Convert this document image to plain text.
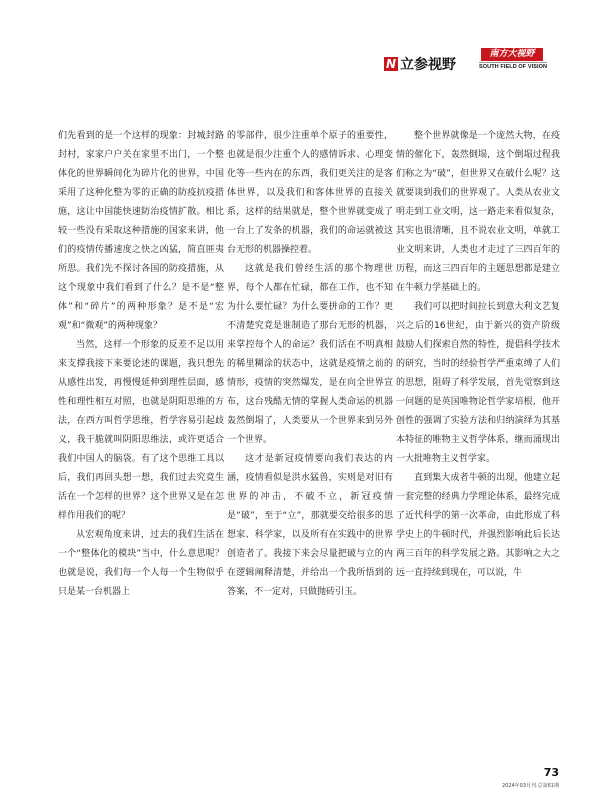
N 立参视野
南方大视野
SOUTH FIELD OF VISION

们先看到的是一个这样的现象：封城封路封村，家家户户关在家里不出门，一个整体化的世界瞬间化为碎片化的世界，中国采用了这种化整为零的正确的防疫抗疫措施，这让中国能快速防治疫情扩散。相比较一些没有采取这种措施的国家来讲，他们的疫情传播速度之快之凶猛，简直匪夷所思。我们先不探讨各国的防疫措施，从这个现象中我们看到了什么？是不是“整体”和“碎片”的两种形象？是不是“宏观”和“微观”的两种现象？

当然，这样一个形象的反差不足以用来支撑我接下来要论述的课题，我只想先从感性出发，再慢慢延伸到理性层面，感性和理性相互对照，也就是阴阳思维的方法，在西方叫哲学思维，哲学容易引起歧义，我干脆就叫阴阳思维法，或许更适合我们中国人的脑袋。有了这个思维工具以后，我们再回头想一想，我们过去究竟生活在一个怎样的世界？这个世界又是在怎样作用我们的呢？

从宏观角度来讲，过去的我们生活在一个“整体化的模块”当中，什么意思呢？也就是说，我们每一个人每一个生物似乎只是某一台机器上

的零部件，很少注重单个原子的重要性，也就是很少注重个人的感情诉求、心理变化等一些内在的东西，我们更关注的是客体世界，以及我们和客体世界的直接关系，这样的结果就是，整个世界就变成了一台上了发条的机器，我们的命运就被这台无形的机器操控着。

这就是我们曾经生活的那个物理世界，每个人都在忙碌，都在工作，也不知为什么要忙碌？为什么要拼命的工作？更不清楚究竟是谁制造了那台无形的机器，来掌控每个人的命运？我们活在不明真相的稀里糊涂的状态中，这就是疫情之前的情形，疫情的突然爆发，是在向全世界宣布，这台残酷无情的掌握人类命运的机器轰然倒塌了，人类要从一个世界来到另外一个世界。

这才是新冠疫情要向我们表达的内涵，疫情看似是洪水猛兽，实则是对旧有世界的冲击，不破不立，新冠疫情是“破”，至于“立”，那就要交给很多的思想家、科学家，以及所有在实践中的世界创造者了。我接下来会尽量把破与立的内在逻辑阐释清楚，并给出一个我所悟到的答案，不一定对，只做抛砖引玉。

整个世界就像是一个庞然大物，在疫情的催化下，轰然倒塌，这个倒塌过程我们称之为“破”，但世界又在破什么呢？这就要谈到我们的世界观了。人类从农业文明走到工业文明，这一路走来看似复杂，其实也很清晰，且不说农业文明，单就工业文明来讲，人类也才走过了三四百年的历程，而这三四百年的主题思想都是建立在牛顿力学基础上的。

我们可以把时间拉长到意大利文艺复兴之后的16世纪，由于新兴的资产阶级鼓励人们探索自然的特性，提倡科学技术的研究，当时的经验哲学严重束缚了人们的思想，阻碍了科学发展，首先觉察到这一问题的是英国唯物论哲学家培根，他开创性的强调了实验方法和归纳演绎为其基本特征的唯物主义哲学体系，继而涌现出一大批唯物主义哲学家。

直到集大成者牛顿的出现，他建立起一套完整的经典力学理论体系，最终完成了近代科学的第一次革命，由此形成了科学史上的牛顿时代，并强烈影响此后长达两三百年的科学发展之路。其影响之大之远一直持续到现在，可以说，牛

73
2024年03月刊·总第61期
